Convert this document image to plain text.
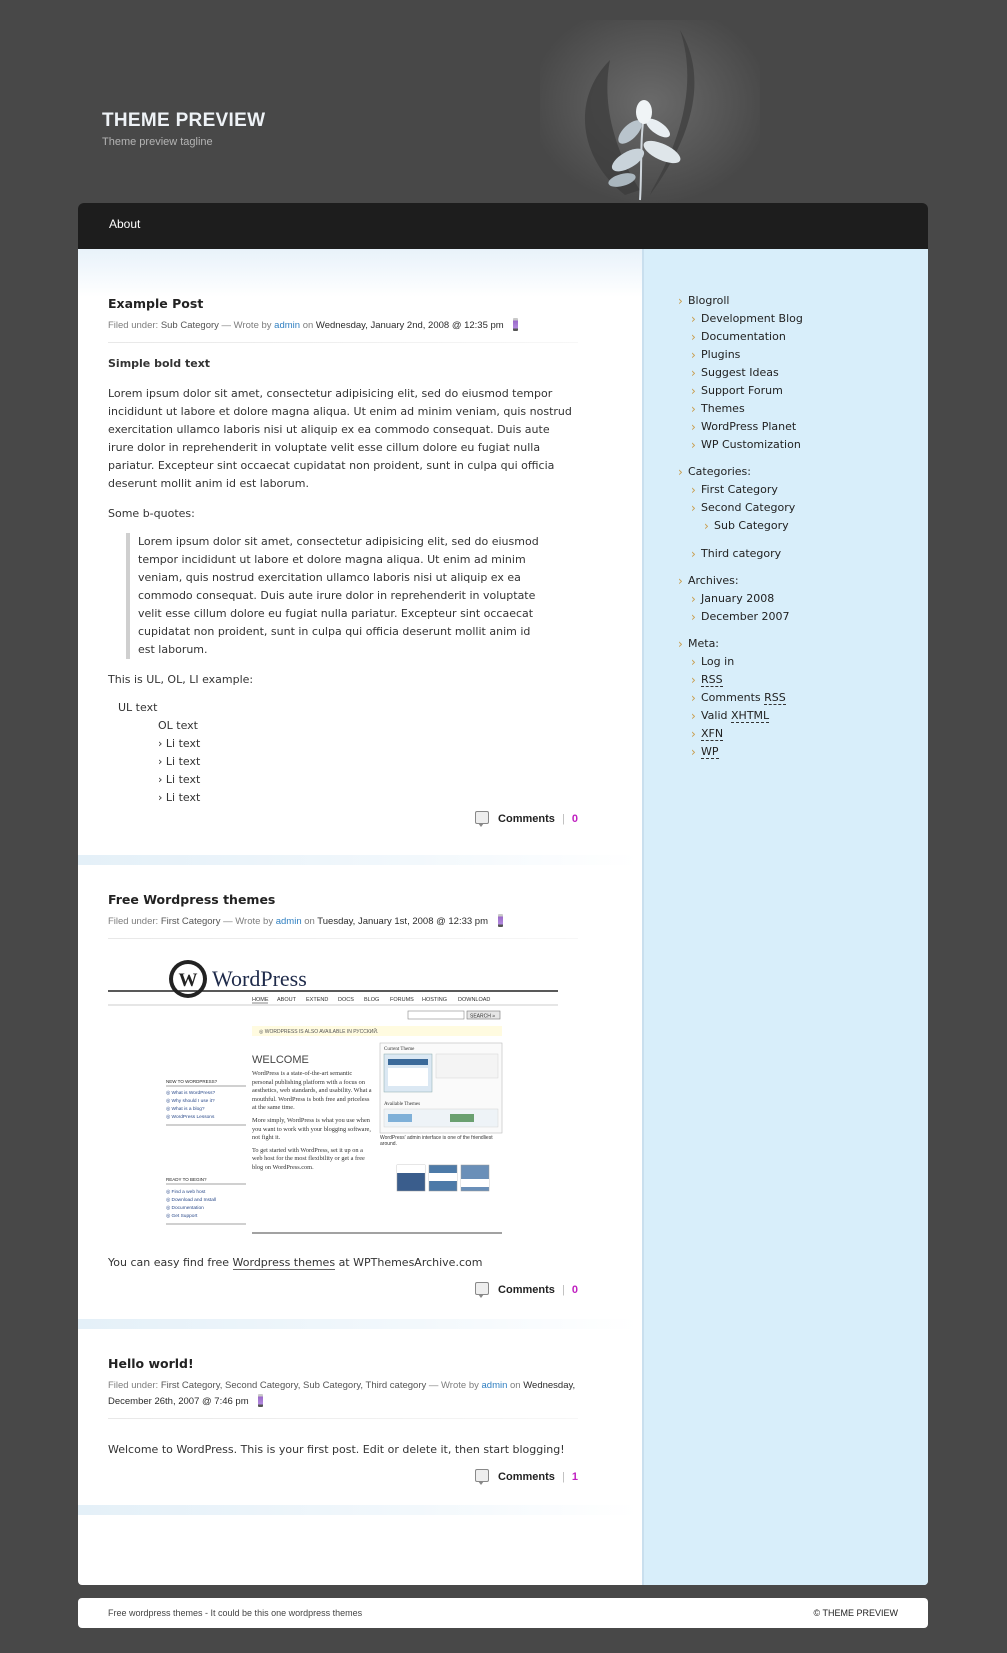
THEME PREVIEW
Theme preview tagline
About
Example Post
Filed under: Sub Category — Wrote by admin on Wednesday, January 2nd, 2008 @ 12:35 pm
Simple bold text
Lorem ipsum dolor sit amet, consectetur adipisicing elit, sed do eiusmod tempor incididunt ut labore et dolore magna aliqua. Ut enim ad minim veniam, quis nostrud exercitation ullamco laboris nisi ut aliquip ex ea commodo consequat. Duis aute irure dolor in reprehenderit in voluptate velit esse cillum dolore eu fugiat nulla pariatur. Excepteur sint occaecat cupidatat non proident, sunt in culpa qui officia deserunt mollit anim id est laborum.
Some b-quotes:
Lorem ipsum dolor sit amet, consectetur adipisicing elit, sed do eiusmod tempor incididunt ut labore et dolore magna aliqua. Ut enim ad minim veniam, quis nostrud exercitation ullamco laboris nisi ut aliquip ex ea commodo consequat. Duis aute irure dolor in reprehenderit in voluptate velit esse cillum dolore eu fugiat nulla pariatur. Excepteur sint occaecat cupidatat non proident, sunt in culpa qui officia deserunt mollit anim id est laborum.
This is UL, OL, LI example:
UL text
OL text
› Li text
› Li text
› Li text
› Li text
Comments | 0
Free Wordpress themes
Filed under: First Category — Wrote by admin on Tuesday, January 1st, 2008 @ 12:33 pm
W WordPress
HOME ABOUT EXTEND DOCS BLOG FORUMS HOSTING DOWNLOAD
SEARCH »
◎ WORDPRESS IS ALSO AVAILABLE IN РУССКИЙ.
WELCOME
NEW TO WORDPRESS?
◎ What is WordPress?
◎ Why should I use it?
◎ What is a blog?
◎ WordPress Lessons
READY TO BEGIN?
◎ Find a web host
◎ Download and Install
◎ Documentation
◎ Get Support
WordPress is a state-of-the-art semantic personal publishing platform with a focus on aesthetics, web standards, and usability. What a mouthful. WordPress is both free and priceless at the same time.
More simply, WordPress is what you use when you want to work with your blogging software, not fight it.
To get started with WordPress, set it up on a web host for the most flexibility or get a free blog on WordPress.com.
Current Theme
Available Themes
WordPress' admin interface is one of the friendliest around.
You can easy find free Wordpress themes at WPThemesArchive.com
Comments | 0
Hello world!
Filed under: First Category, Second Category, Sub Category, Third category — Wrote by admin on Wednesday, December 26th, 2007 @ 7:46 pm
Welcome to WordPress. This is your first post. Edit or delete it, then start blogging!
Comments | 1
› Blogroll
› Development Blog
› Documentation
› Plugins
› Suggest Ideas
› Support Forum
› Themes
› WordPress Planet
› WP Customization
› Categories:
› First Category
› Second Category
› Sub Category
› Third category
› Archives:
› January 2008
› December 2007
› Meta:
› Log in
› RSS
› Comments RSS
› Valid XHTML
› XFN
› WP
Free wordpress themes - It could be this one wordpress themes	© THEME PREVIEW
